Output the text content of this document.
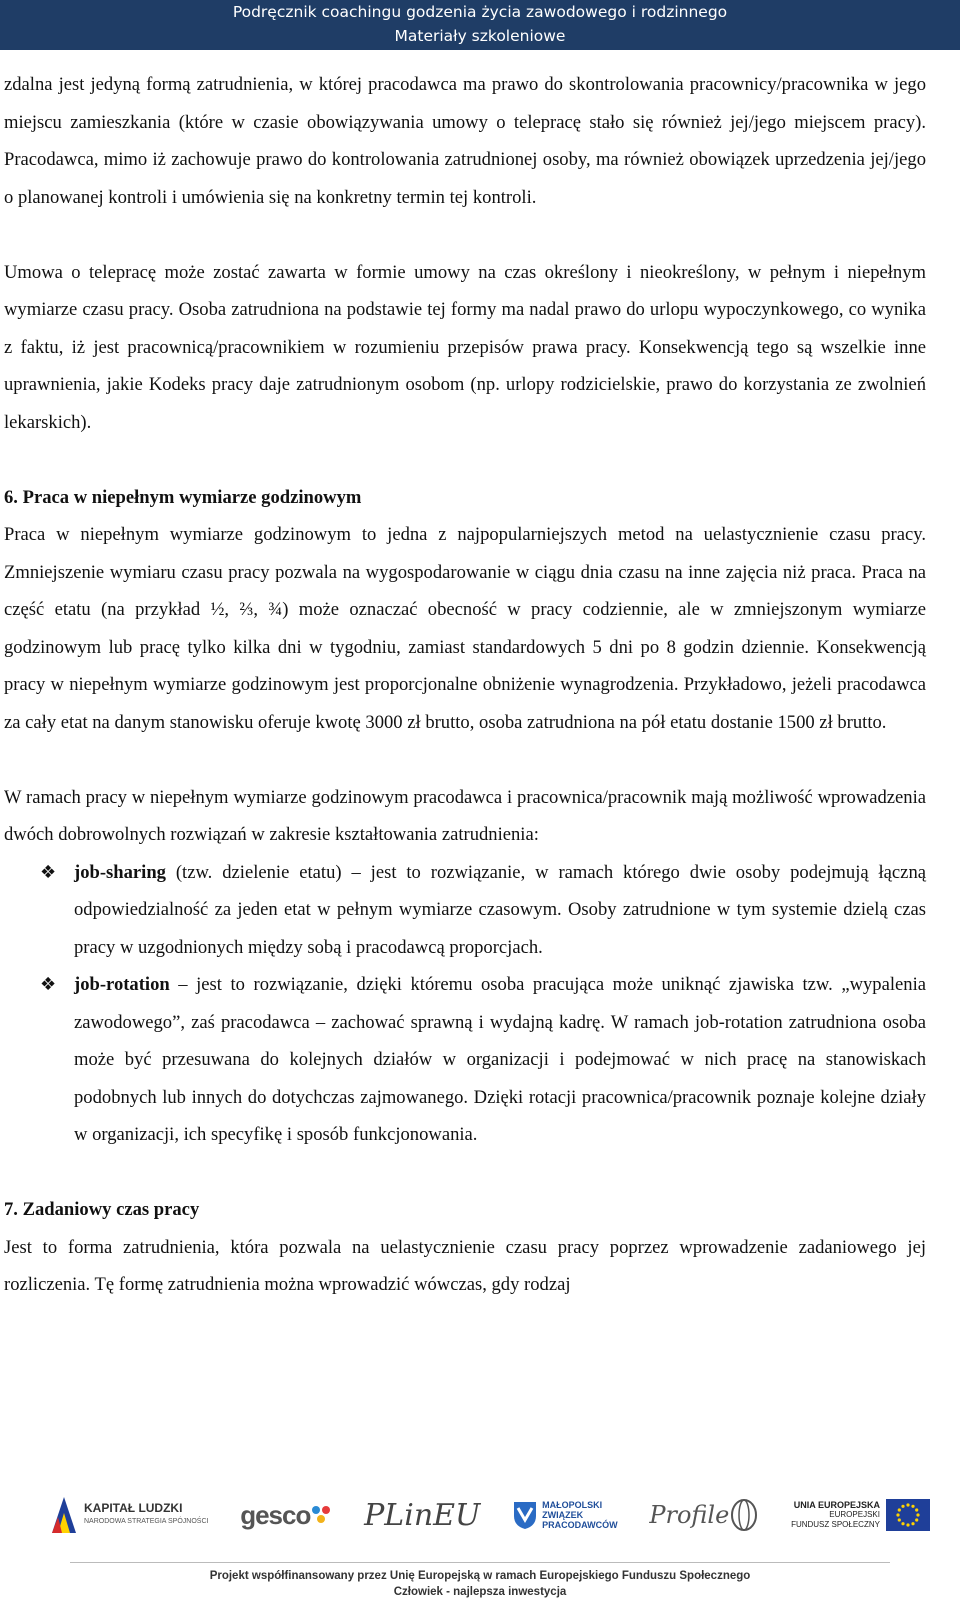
Podręcznik coachingu godzenia życia zawodowego i rodzinnego
Materiały szkoleniowe

zdalna jest jedyną formą zatrudnienia, w której pracodawca ma prawo do skontrolowania pracownicy/pracownika w jego miejscu zamieszkania (które w czasie obowiązywania umowy o telepracę stało się również jej/jego miejscem pracy). Pracodawca, mimo iż zachowuje prawo do kontrolowania zatrudnionej osoby, ma również obowiązek uprzedzenia jej/jego o planowanej kontroli i umówienia się na konkretny termin tej kontroli.

Umowa o telepracę może zostać zawarta w formie umowy na czas określony i nieokreślony, w pełnym i niepełnym wymiarze czasu pracy. Osoba zatrudniona na podstawie tej formy ma nadal prawo do urlopu wypoczynkowego, co wynika z faktu, iż jest pracownicą/pracownikiem w rozumieniu przepisów prawa pracy. Konsekwencją tego są wszelkie inne uprawnienia, jakie Kodeks pracy daje zatrudnionym osobom (np. urlopy rodzicielskie, prawo do korzystania ze zwolnień lekarskich).

6. Praca w niepełnym wymiarze godzinowym

Praca w niepełnym wymiarze godzinowym to jedna z najpopularniejszych metod na uelastycznienie czasu pracy. Zmniejszenie wymiaru czasu pracy pozwala na wygospodarowanie w ciągu dnia czasu na inne zajęcia niż praca. Praca na część etatu (na przykład ½, ⅔, ¾) może oznaczać obecność w pracy codziennie, ale w zmniejszonym wymiarze godzinowym lub pracę tylko kilka dni w tygodniu, zamiast standardowych 5 dni po 8 godzin dziennie. Konsekwencją pracy w niepełnym wymiarze godzinowym jest proporcjonalne obniżenie wynagrodzenia. Przykładowo, jeżeli pracodawca za cały etat na danym stanowisku oferuje kwotę 3000 zł brutto, osoba zatrudniona na pół etatu dostanie 1500 zł brutto.

W ramach pracy w niepełnym wymiarze godzinowym pracodawca i pracownica/pracownik mają możliwość wprowadzenia dwóch dobrowolnych rozwiązań w zakresie kształtowania zatrudnienia:

❖ job-sharing (tzw. dzielenie etatu) – jest to rozwiązanie, w ramach którego dwie osoby podejmują łączną odpowiedzialność za jeden etat w pełnym wymiarze czasowym. Osoby zatrudnione w tym systemie dzielą czas pracy w uzgodnionych między sobą i pracodawcą proporcjach.
❖ job-rotation – jest to rozwiązanie, dzięki któremu osoba pracująca może uniknąć zjawiska tzw. „wypalenia zawodowego”, zaś pracodawca – zachować sprawną i wydajną kadrę. W ramach job-rotation zatrudniona osoba może być przesuwana do kolejnych działów w organizacji i podejmować w nich pracę na stanowiskach podobnych lub innych do dotychczas zajmowanego. Dzięki rotacji pracownica/pracownik poznaje kolejne działy w organizacji, ich specyfikę i sposób funkcjonowania.

7. Zadaniowy czas pracy

Jest to forma zatrudnienia, która pozwala na uelastycznienie czasu pracy poprzez wprowadzenie zadaniowego jej rozliczenia. Tę formę zatrudnienia można wprowadzić wówczas, gdy rodzaj

KAPITAŁ LUDZKI
NARODOWA STRATEGIA SPÓJNOŚCI gesco PLinEU	MAŁOPOLSKI
ZWIĄZEK
PRACODAWCÓW Profile	UNIA EUROPEJSKA
EUROPEJSKI
FUNDUSZ SPOŁECZNY
Projekt współfinansowany przez Unię Europejską w ramach Europejskiego Funduszu Społecznego
Człowiek - najlepsza inwestycja
